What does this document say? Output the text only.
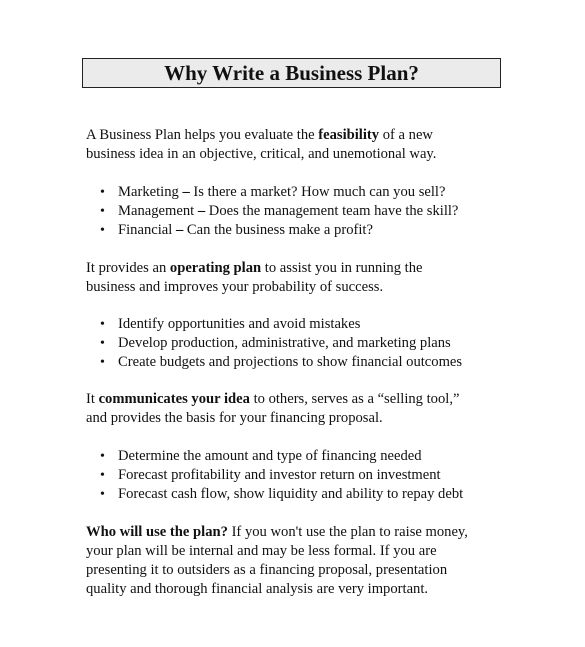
Why Write a Business Plan?

A Business Plan helps you evaluate the feasibility of a new
business idea in an objective, critical, and unemotional way.

• Marketing – Is there a market? How much can you sell?
• Management – Does the management team have the skill?
• Financial – Can the business make a profit?

It provides an operating plan to assist you in running the
business and improves your probability of success.

• Identify opportunities and avoid mistakes
• Develop production, administrative, and marketing plans
• Create budgets and projections to show financial outcomes

It communicates your idea to others, serves as a “selling tool,”
and provides the basis for your financing proposal.

• Determine the amount and type of financing needed
• Forecast profitability and investor return on investment
• Forecast cash flow, show liquidity and ability to repay debt

Who will use the plan? If you won't use the plan to raise money,
your plan will be internal and may be less formal. If you are
presenting it to outsiders as a financing proposal, presentation
quality and thorough financial analysis are very important.
